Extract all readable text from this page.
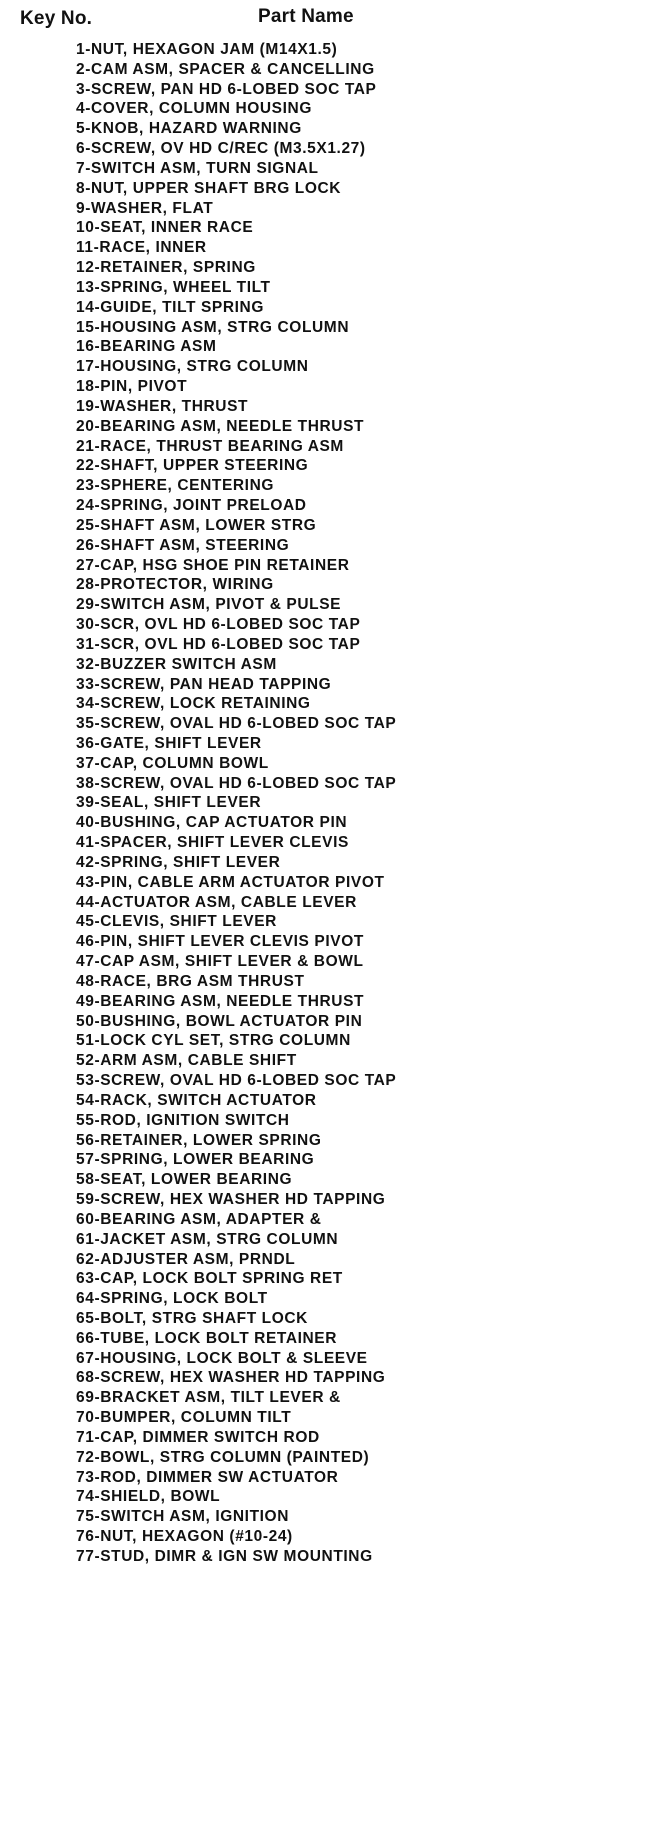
Key No.	Part Name
1-NUT, HEXAGON JAM (M14X1.5)
2-CAM ASM, SPACER & CANCELLING
3-SCREW, PAN HD 6-LOBED SOC TAP
4-COVER, COLUMN HOUSING
5-KNOB, HAZARD WARNING
6-SCREW, OV HD C/REC (M3.5X1.27)
7-SWITCH ASM, TURN SIGNAL
8-NUT, UPPER SHAFT BRG LOCK
9-WASHER, FLAT
10-SEAT, INNER RACE
11-RACE, INNER
12-RETAINER, SPRING
13-SPRING, WHEEL TILT
14-GUIDE, TILT SPRING
15-HOUSING ASM, STRG COLUMN
16-BEARING ASM
17-HOUSING, STRG COLUMN
18-PIN, PIVOT
19-WASHER, THRUST
20-BEARING ASM, NEEDLE THRUST
21-RACE, THRUST BEARING ASM
22-SHAFT, UPPER STEERING
23-SPHERE, CENTERING
24-SPRING, JOINT PRELOAD
25-SHAFT ASM, LOWER STRG
26-SHAFT ASM, STEERING
27-CAP, HSG SHOE PIN RETAINER
28-PROTECTOR, WIRING
29-SWITCH ASM, PIVOT & PULSE
30-SCR, OVL HD 6-LOBED SOC TAP
31-SCR, OVL HD 6-LOBED SOC TAP
32-BUZZER SWITCH ASM
33-SCREW, PAN HEAD TAPPING
34-SCREW, LOCK RETAINING
35-SCREW, OVAL HD 6-LOBED SOC TAP
36-GATE, SHIFT LEVER
37-CAP, COLUMN BOWL
38-SCREW, OVAL HD 6-LOBED SOC TAP
39-SEAL, SHIFT LEVER
40-BUSHING, CAP ACTUATOR PIN
41-SPACER, SHIFT LEVER CLEVIS
42-SPRING, SHIFT LEVER
43-PIN, CABLE ARM ACTUATOR PIVOT
44-ACTUATOR ASM, CABLE LEVER
45-CLEVIS, SHIFT LEVER
46-PIN, SHIFT LEVER CLEVIS PIVOT
47-CAP ASM, SHIFT LEVER & BOWL
48-RACE, BRG ASM THRUST
49-BEARING ASM, NEEDLE THRUST
50-BUSHING, BOWL ACTUATOR PIN
51-LOCK CYL SET, STRG COLUMN
52-ARM ASM, CABLE SHIFT
53-SCREW, OVAL HD 6-LOBED SOC TAP
54-RACK, SWITCH ACTUATOR
55-ROD, IGNITION SWITCH
56-RETAINER, LOWER SPRING
57-SPRING, LOWER BEARING
58-SEAT, LOWER BEARING
59-SCREW, HEX WASHER HD TAPPING
60-BEARING ASM, ADAPTER &
61-JACKET ASM, STRG COLUMN
62-ADJUSTER ASM, PRNDL
63-CAP, LOCK BOLT SPRING RET
64-SPRING, LOCK BOLT
65-BOLT, STRG SHAFT LOCK
66-TUBE, LOCK BOLT RETAINER
67-HOUSING, LOCK BOLT & SLEEVE
68-SCREW, HEX WASHER HD TAPPING
69-BRACKET ASM, TILT LEVER &
70-BUMPER, COLUMN TILT
71-CAP, DIMMER SWITCH ROD
72-BOWL, STRG COLUMN (PAINTED)
73-ROD, DIMMER SW ACTUATOR
74-SHIELD, BOWL
75-SWITCH ASM, IGNITION
76-NUT, HEXAGON (#10-24)
77-STUD, DIMR & IGN SW MOUNTING
